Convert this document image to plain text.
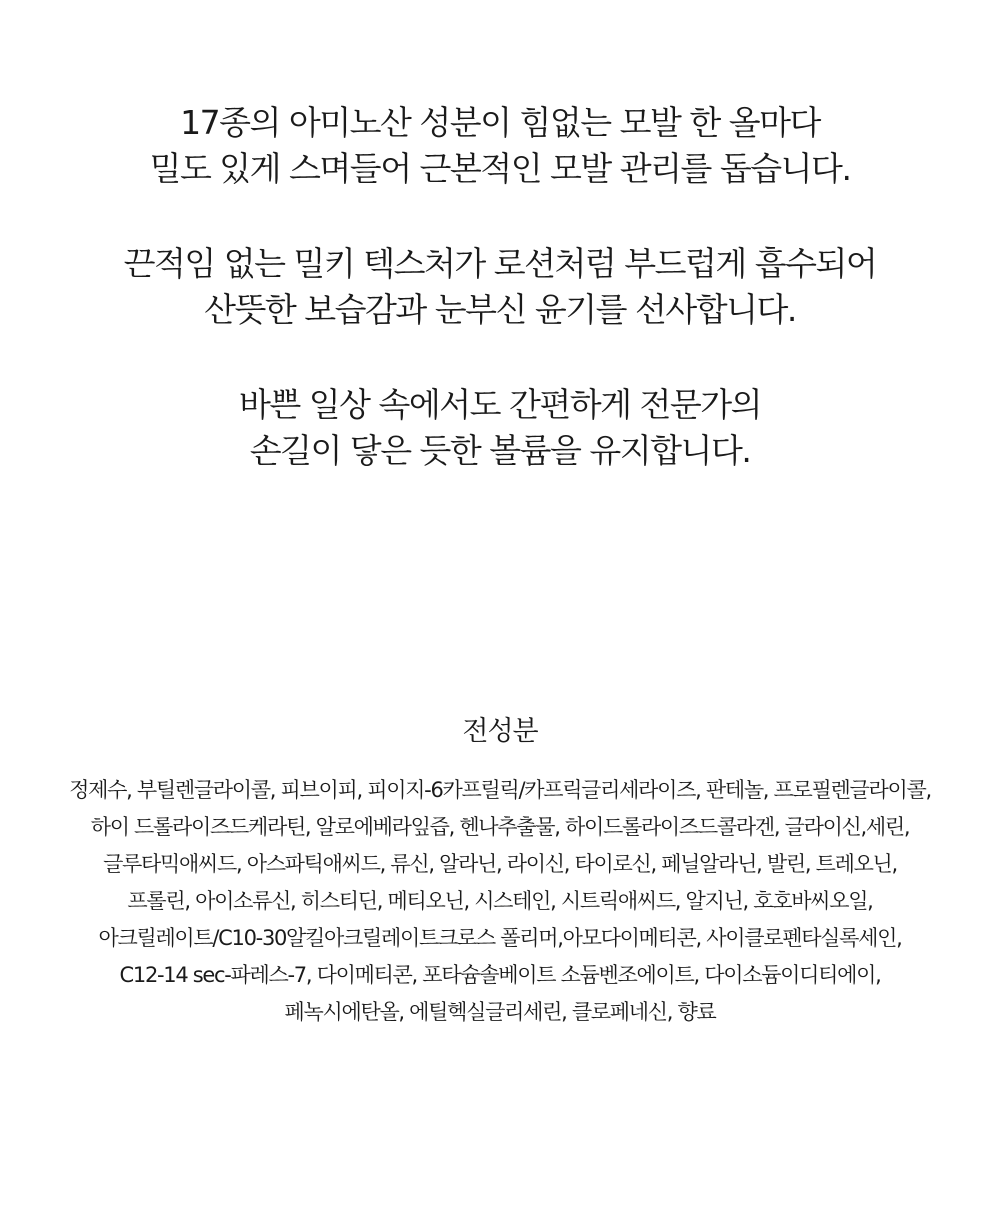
17종의 아미노산 성분이 힘없는 모발 한 올마다
밀도 있게 스며들어 근본적인 모발 관리를 돕습니다.
끈적임 없는 밀키 텍스처가 로션처럼 부드럽게 흡수되어
산뜻한 보습감과 눈부신 윤기를 선사합니다.
바쁜 일상 속에서도 간편하게 전문가의
손길이 닿은 듯한 볼륨을 유지합니다.
전성분
정제수, 부틸렌글라이콜, 피브이피, 피이지-6카프릴릭/카프릭글리세라이즈, 판테놀, 프로필렌글라이콜,
하이 드롤라이즈드케라틴, 알로에베라잎즙, 헨나추출물, 하이드롤라이즈드콜라겐, 글라이신,세린,
글루타믹애씨드, 아스파틱애씨드, 류신, 알라닌, 라이신, 타이로신, 페닐알라닌, 발린, 트레오닌,
프롤린, 아이소류신, 히스티딘, 메티오닌, 시스테인, 시트릭애씨드, 알지닌, 호호바씨오일,
아크릴레이트/C10-30알킬아크릴레이트크로스 폴리머,아모다이메티콘, 사이클로펜타실록세인,
C12-14 sec-파레스-7, 다이메티콘, 포타슘솔베이트 소듐벤조에이트, 다이소듐이디티에이,
페녹시에탄올, 에틸헥실글리세린, 클로페네신, 향료
